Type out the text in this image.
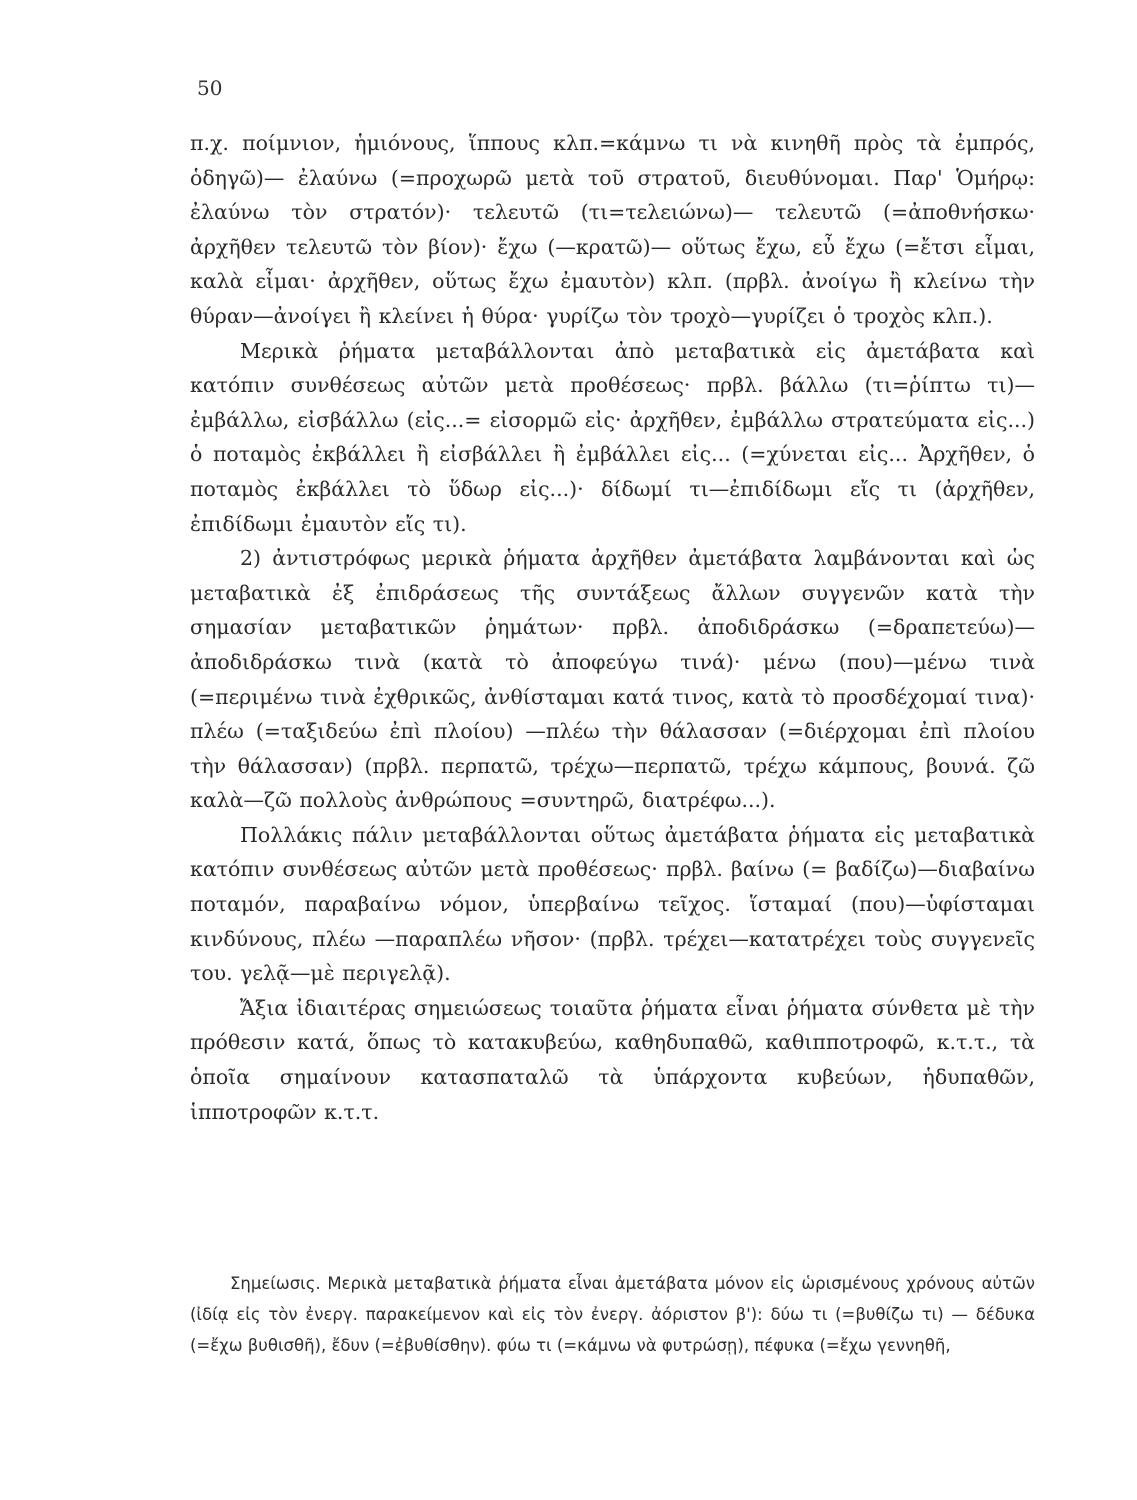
50

π.χ. ποίμνιον, ἡμιόνους, ἵππους κλπ.=κάμνω τι νὰ κινηθῆ πρὸς τὰ ἐμπρός, ὁδηγῶ)— ἐλαύνω (=προχωρῶ μετὰ τοῦ στρατοῦ, διευθύνομαι. Παρ' Ὁμήρῳ: ἐλαύνω τὸν στρατόν)· τελευτῶ (τι=τελειώνω)— τελευτῶ (=ἀποθνήσκω· ἀρχῆθεν τελευτῶ τὸν βίον)· ἔχω (—κρατῶ)— οὕτως ἔχω, εὖ ἔχω (=ἔτσι εἶμαι, καλὰ εἶμαι· ἀρχῆθεν, οὕτως ἔχω ἐμαυτὸν) κλπ. (πρβλ. ἀνοίγω ἢ κλείνω τὴν θύραν—ἀνοίγει ἢ κλείνει ἡ θύρα· γυρίζω τὸν τροχὸ—γυρίζει ὁ τροχὸς κλπ.).

Μερικὰ ῥήματα μεταβάλλονται ἀπὸ μεταβατικὰ εἰς ἀμετάβατα καὶ κατόπιν συνθέσεως αὐτῶν μετὰ προθέσεως· πρβλ. βάλλω (τι=ῥίπτω τι)—ἐμβάλλω, εἰσβάλλω (εἰς...= εἰσορμῶ εἰς· ἀρχῆθεν, ἐμβάλλω στρατεύματα εἰς...) ὁ ποταμὸς ἐκβάλλει ἢ εἰσβάλλει ἢ ἐμβάλλει εἰς... (=χύνεται εἰς... Ἀρχῆθεν, ὁ ποταμὸς ἐκβάλλει τὸ ὕδωρ εἰς...)· δίδωμί τι—ἐπιδίδωμι εἴς τι (ἀρχῆθεν, ἐπιδίδωμι ἐμαυτὸν εἴς τι).

2) ἀντιστρόφως μερικὰ ῥήματα ἀρχῆθεν ἀμετάβατα λαμβάνονται καὶ ὡς μεταβατικὰ ἐξ ἐπιδράσεως τῆς συντάξεως ἄλλων συγγενῶν κατὰ τὴν σημασίαν μεταβατικῶν ῥημάτων· πρβλ. ἀποδιδράσκω (=δραπετεύω)—ἀποδιδράσκω τινὰ (κατὰ τὸ ἀποφεύγω τινά)· μένω (που)—μένω τινὰ (=περιμένω τινὰ ἐχθρικῶς, ἀνθίσταμαι κατά τινος, κατὰ τὸ προσδέχομαί τινα)· πλέω (=ταξιδεύω ἐπὶ πλοίου) —πλέω τὴν θάλασσαν (=διέρχομαι ἐπὶ πλοίου τὴν θάλασσαν) (πρβλ. περπατῶ, τρέχω—περπατῶ, τρέχω κάμπους, βουνά. ζῶ καλὰ—ζῶ πολλοὺς ἀνθρώπους =συντηρῶ, διατρέφω...).

Πολλάκις πάλιν μεταβάλλονται οὕτως ἀμετάβατα ῥήματα εἰς μεταβατικὰ κατόπιν συνθέσεως αὐτῶν μετὰ προθέσεως· πρβλ. βαίνω (= βαδίζω)—διαβαίνω ποταμόν, παραβαίνω νόμον, ὑπερβαίνω τεῖχος. ἵσταμαί (που)—ὑφίσταμαι κινδύνους, πλέω —παραπλέω νῆσον· (πρβλ. τρέχει—κατατρέχει τοὺς συγγενεῖς του. γελᾷ—μὲ περιγελᾷ).

Ἄξια ἰδιαιτέρας σημειώσεως τοιαῦτα ῥήματα εἶναι ῥήματα σύνθετα μὲ τὴν πρόθεσιν κατά, ὅπως τὸ κατακυβεύω, καθηδυπαθῶ, καθιπποτροφῶ, κ.τ.τ., τὰ ὁποῖα σημαίνουν κατασπαταλῶ τὰ ὑπάρχοντα κυβεύων, ἡδυπαθῶν, ἱπποτροφῶν κ.τ.τ.

Σημείωσις. Μερικὰ μεταβατικὰ ῥήματα εἶναι ἀμετάβατα μόνον εἰς ὡρισμένους χρόνους αὐτῶν (ἰδίᾳ εἰς τὸν ἐνεργ. παρακείμενον καὶ εἰς τὸν ἐνεργ. ἀόριστον β'): δύω τι (=βυθίζω τι) — δέδυκα (=ἔχω βυθισθῆ), ἔδυν (=ἐβυθίσθην). φύω τι (=κάμνω νὰ φυτρώσῃ), πέφυκα (=ἔχω γεννηθῆ,
